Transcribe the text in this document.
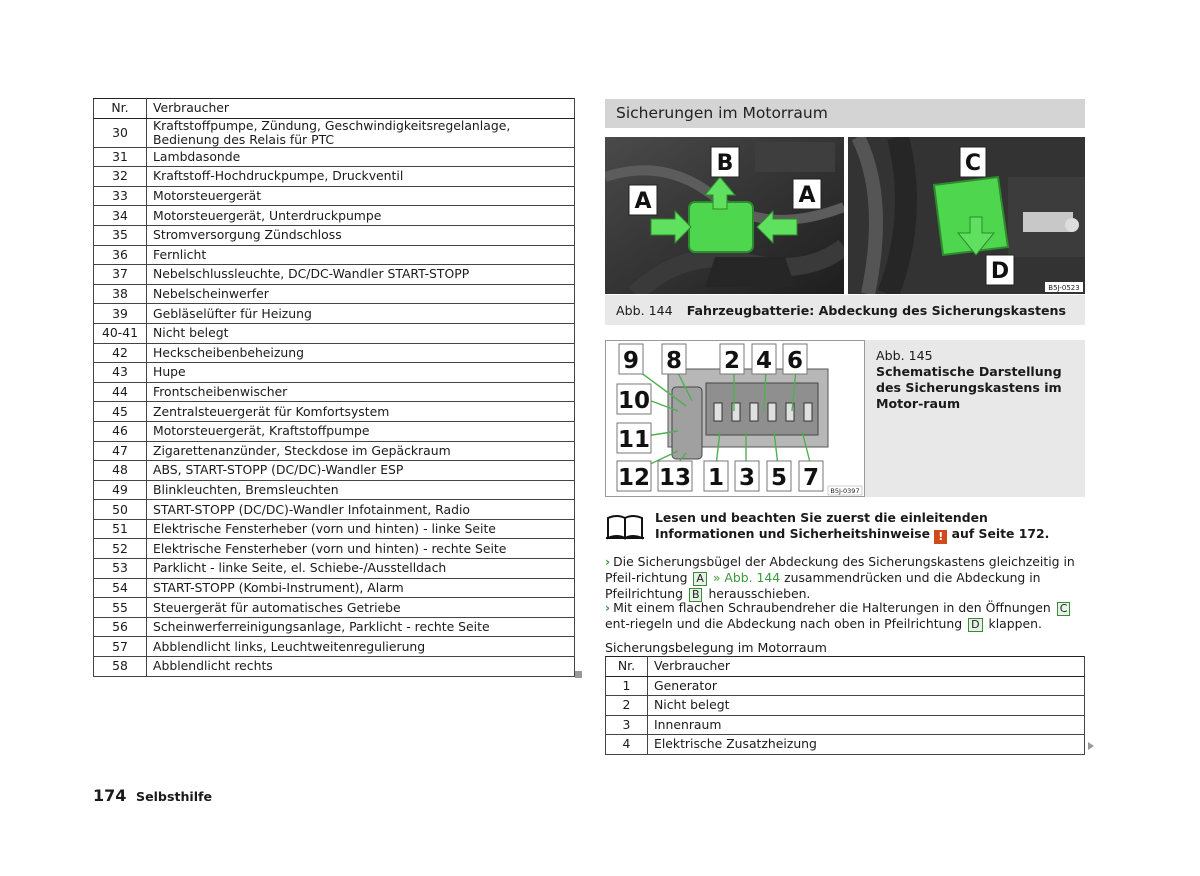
Nr.	Verbraucher
30	Kraftstoffpumpe, Zündung, Geschwindigkeitsregelanlage, Bedienung des Relais für PTC
31	Lambdasonde
32	Kraftstoff-Hochdruckpumpe, Druckventil
33	Motorsteuergerät
34	Motorsteuergerät, Unterdruckpumpe
35	Stromversorgung Zündschloss
36	Fernlicht
37	Nebelschlussleuchte, DC/DC-Wandler START-STOPP
38	Nebelscheinwerfer
39	Gebläselüfter für Heizung
40-41	Nicht belegt
42	Heckscheibenbeheizung
43	Hupe
44	Frontscheibenwischer
45	Zentralsteuergerät für Komfortsystem
46	Motorsteuergerät, Kraftstoffpumpe
47	Zigarettenanzünder, Steckdose im Gepäckraum
48	ABS, START-STOPP (DC/DC)-Wandler ESP
49	Blinkleuchten, Bremsleuchten
50	START-STOPP (DC/DC)-Wandler Infotainment, Radio
51	Elektrische Fensterheber (vorn und hinten) - linke Seite
52	Elektrische Fensterheber (vorn und hinten) - rechte Seite
53	Parklicht - linke Seite, el. Schiebe-/Ausstelldach
54	START-STOPP (Kombi-Instrument), Alarm
55	Steuergerät für automatisches Getriebe
56	Scheinwerferreinigungsanlage, Parklicht - rechte Seite
57	Abblendlicht links, Leuchtweitenregulierung
58	Abblendlicht rechts
Sicherungen im Motorraum
A
B
A
C
D
B5J-0523
Abb. 144 Fahrzeugbatterie: Abdeckung des Sicherungskastens
9 8 2 4 6
10
11
12 13 1 3 5 7 B5J-0397
Abb. 145
Schematische Darstellung des Sicherungskastens im Motor-raum
Lesen und beachten Sie zuerst die einleitenden Informationen und Sicherheitshinweise ! auf Seite 172.
› Die Sicherungsbügel der Abdeckung des Sicherungskastens gleichzeitig in Pfeil-richtung A » Abb. 144 zusammendrücken und die Abdeckung in Pfeilrichtung B herausschieben.
› Mit einem flachen Schraubendreher die Halterungen in den Öffnungen C ent-riegeln und die Abdeckung nach oben in Pfeilrichtung D klappen.
Sicherungsbelegung im Motorraum
Nr.	Verbraucher
1	Generator
2	Nicht belegt
3	Innenraum
4	Elektrische Zusatzheizung
174 Selbsthilfe
